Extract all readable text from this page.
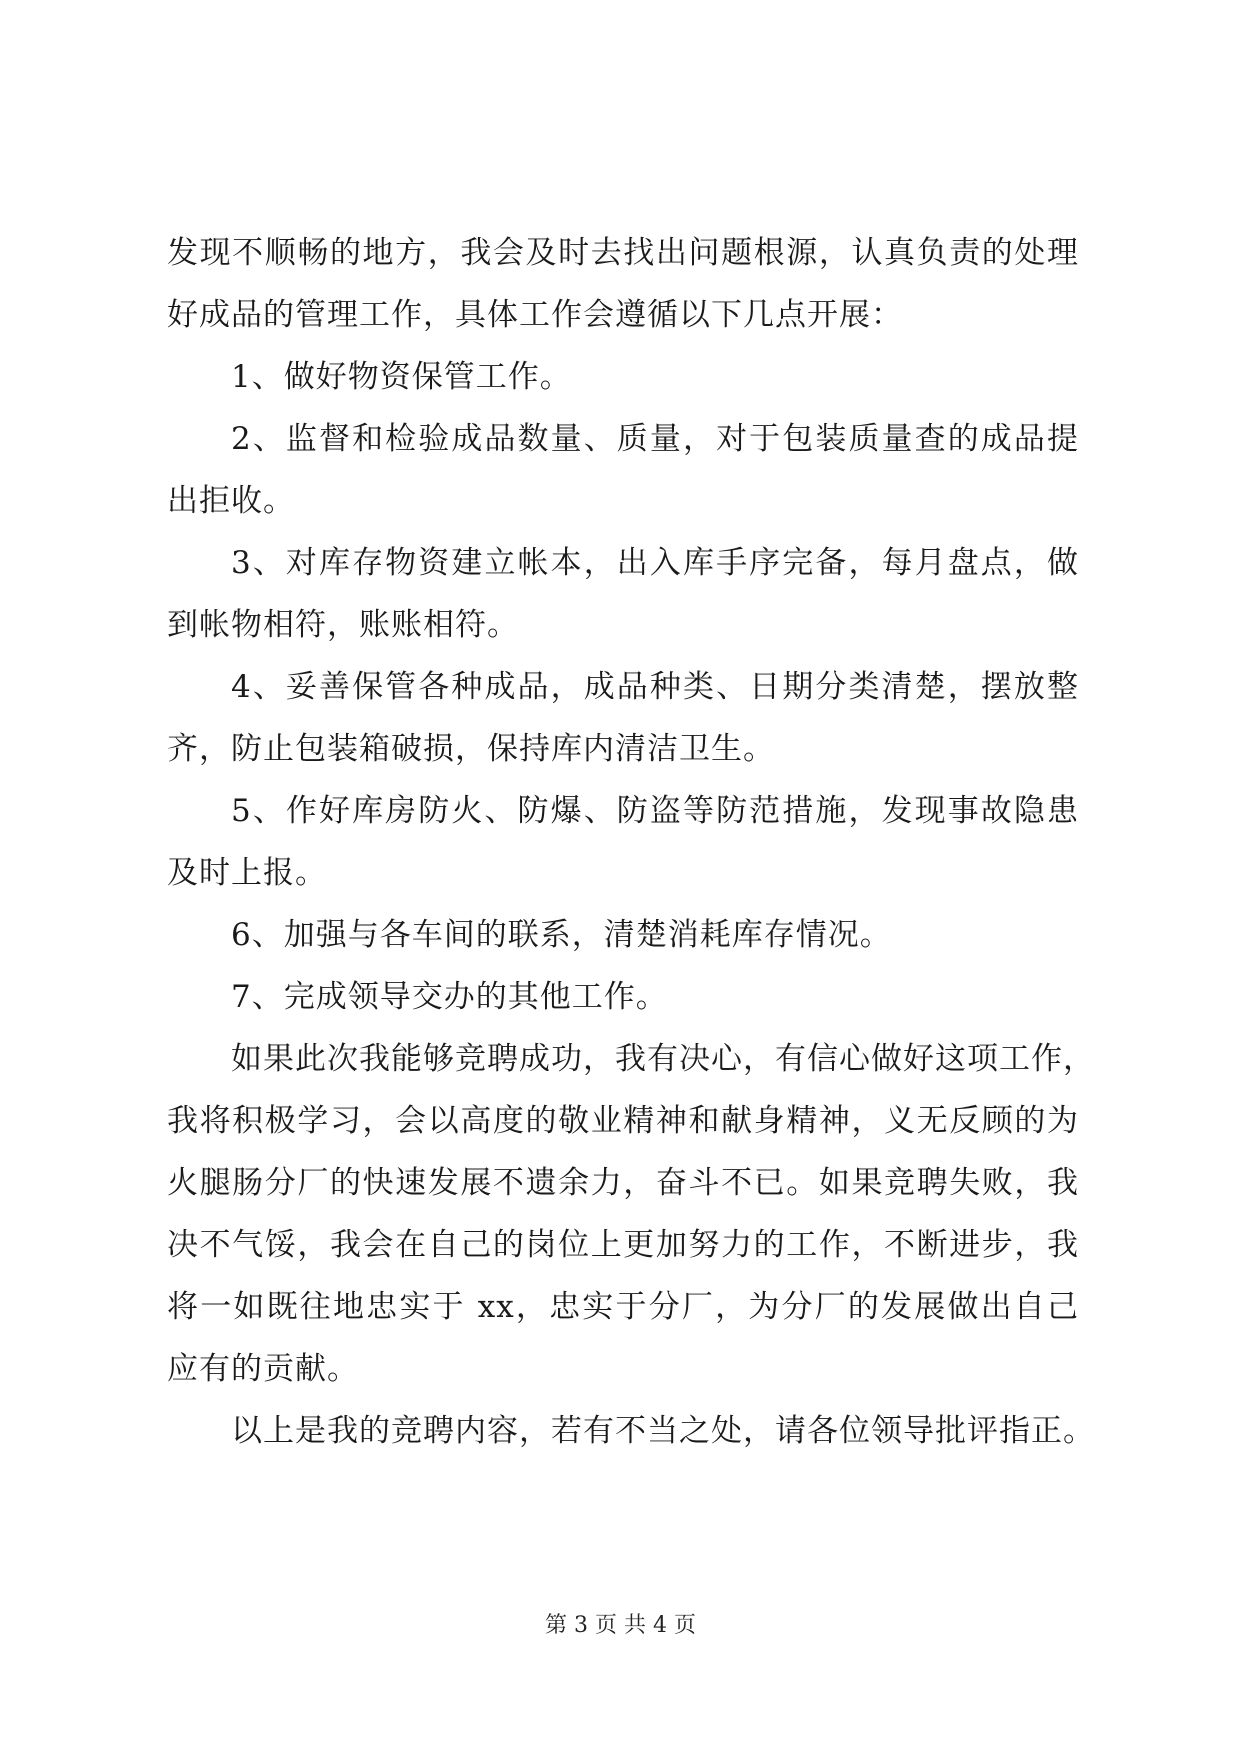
发现不顺畅的地方，我会及时去找出问题根源，认真负责的处理
好成品的管理工作，具体工作会遵循以下几点开展：
1、做好物资保管工作。
2、监督和检验成品数量、质量，对于包装质量查的成品提
出拒收。
3、对库存物资建立帐本，出入库手序完备，每月盘点，做
到帐物相符，账账相符。
4、妥善保管各种成品，成品种类、日期分类清楚，摆放整
齐，防止包装箱破损，保持库内清洁卫生。
5、作好库房防火、防爆、防盗等防范措施，发现事故隐患
及时上报。
6、加强与各车间的联系，清楚消耗库存情况。
7、完成领导交办的其他工作。
如果此次我能够竞聘成功，我有决心，有信心做好这项工作，
我将积极学习，会以高度的敬业精神和献身精神，义无反顾的为
火腿肠分厂的快速发展不遗余力，奋斗不已。如果竞聘失败，我
决不气馁，我会在自己的岗位上更加努力的工作，不断进步，我
将一如既往地忠实于 xx，忠实于分厂，为分厂的发展做出自己
应有的贡献。
以上是我的竞聘内容，若有不当之处，请各位领导批评指正。
第 3 页 共 4 页
